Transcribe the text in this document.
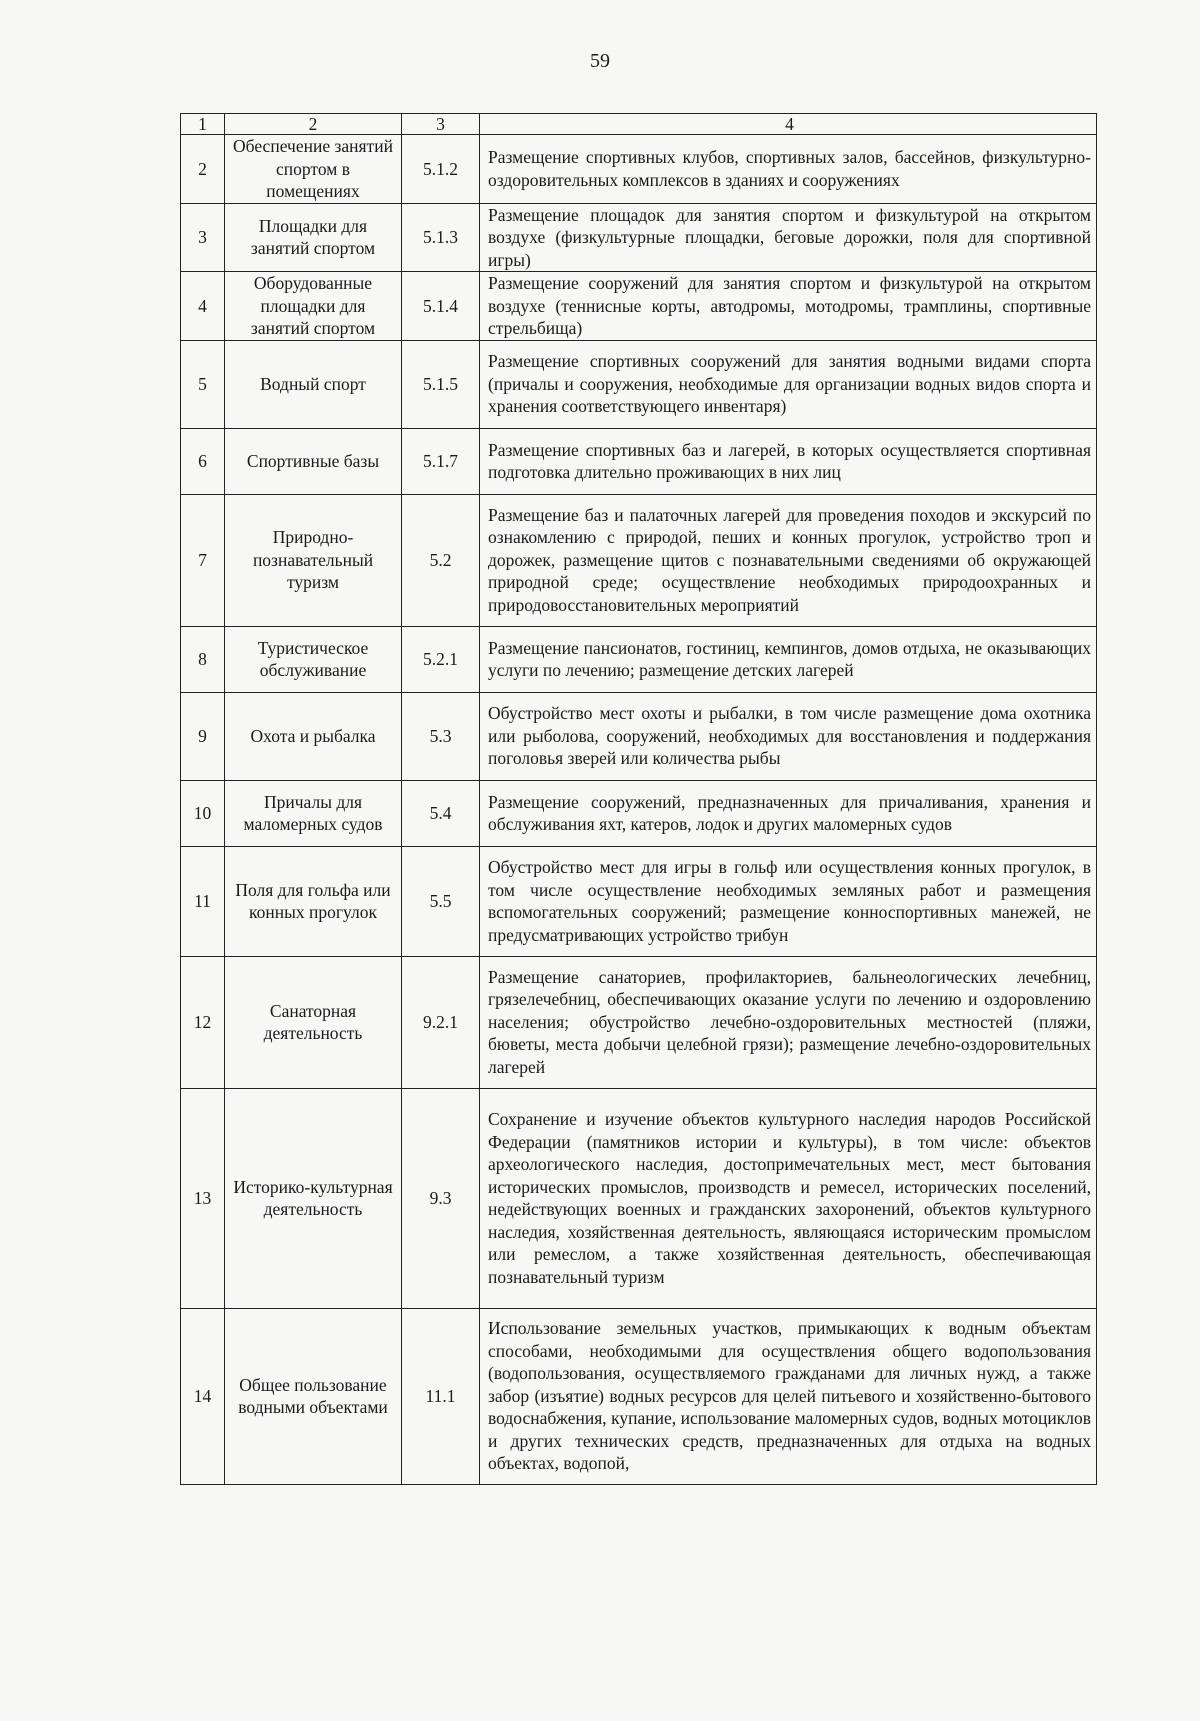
59
1	2	3	4
2	Обеспечение занятий спортом в помещениях	5.1.2	Размещение спортивных клубов, спортивных залов, бассейнов, физкультурно-оздоровительных комплексов в зданиях и сооружениях
3	Площадки для занятий спортом	5.1.3	Размещение площадок для занятия спортом и физкультурой на открытом воздухе (физкультурные площадки, беговые дорожки, поля для спортивной игры)
4	Оборудованные площадки для занятий спортом	5.1.4	Размещение сооружений для занятия спортом и физкультурой на открытом воздухе (теннисные корты, автодромы, мотодромы, трамплины, спортивные стрельбища)
5	Водный спорт	5.1.5	Размещение спортивных сооружений для занятия водными видами спорта (причалы и сооружения, необходимые для организации водных видов спорта и хранения соответствующего инвентаря)
6	Спортивные базы	5.1.7	Размещение спортивных баз и лагерей, в которых осуществляется спортивная подготовка длительно проживающих в них лиц
7	Природно-познавательный туризм	5.2	Размещение баз и палаточных лагерей для проведения походов и экскурсий по ознакомлению с природой, пеших и конных прогулок, устройство троп и дорожек, размещение щитов с познавательными сведениями об окружающей природной среде; осуществление необходимых природоохранных и природовосстановительных мероприятий
8	Туристическое обслуживание	5.2.1	Размещение пансионатов, гостиниц, кемпингов, домов отдыха, не оказывающих услуги по лечению; размещение детских лагерей
9	Охота и рыбалка	5.3	Обустройство мест охоты и рыбалки, в том числе размещение дома охотника или рыболова, сооружений, необходимых для восстановления и поддержания поголовья зверей или количества рыбы
10	Причалы для маломерных судов	5.4	Размещение сооружений, предназначенных для причаливания, хранения и обслуживания яхт, катеров, лодок и других маломерных судов
11	Поля для гольфа или конных прогулок	5.5	Обустройство мест для игры в гольф или осуществления конных прогулок, в том числе осуществление необходимых земляных работ и размещения вспомогательных сооружений; размещение конноспортивных манежей, не предусматривающих устройство трибун
12	Санаторная деятельность	9.2.1	Размещение санаториев, профилакториев, бальнеологических лечебниц, грязелечебниц, обеспечивающих оказание услуги по лечению и оздоровлению населения; обустройство лечебно-оздоровительных местностей (пляжи, бюветы, места добычи целебной грязи); размещение лечебно-оздоровительных лагерей
13	Историко-культурная деятельность	9.3	Сохранение и изучение объектов культурного наследия народов Российской Федерации (памятников истории и культуры), в том числе: объектов археологического наследия, достопримечательных мест, мест бытования исторических промыслов, производств и ремесел, исторических поселений, недействующих военных и гражданских захоронений, объектов культурного наследия, хозяйственная деятельность, являющаяся историческим промыслом или ремеслом, а также хозяйственная деятельность, обеспечивающая познавательный туризм
14	Общее пользование водными объектами	11.1	Использование земельных участков, примыкающих к водным объектам способами, необходимыми для осуществления общего водопользования (водопользования, осуществляемого гражданами для личных нужд, а также забор (изъятие) водных ресурсов для целей питьевого и хозяйственно-бытового водоснабжения, купание, использование маломерных судов, водных мотоциклов и других технических средств, предназначенных для отдыха на водных объектах, водопой,
